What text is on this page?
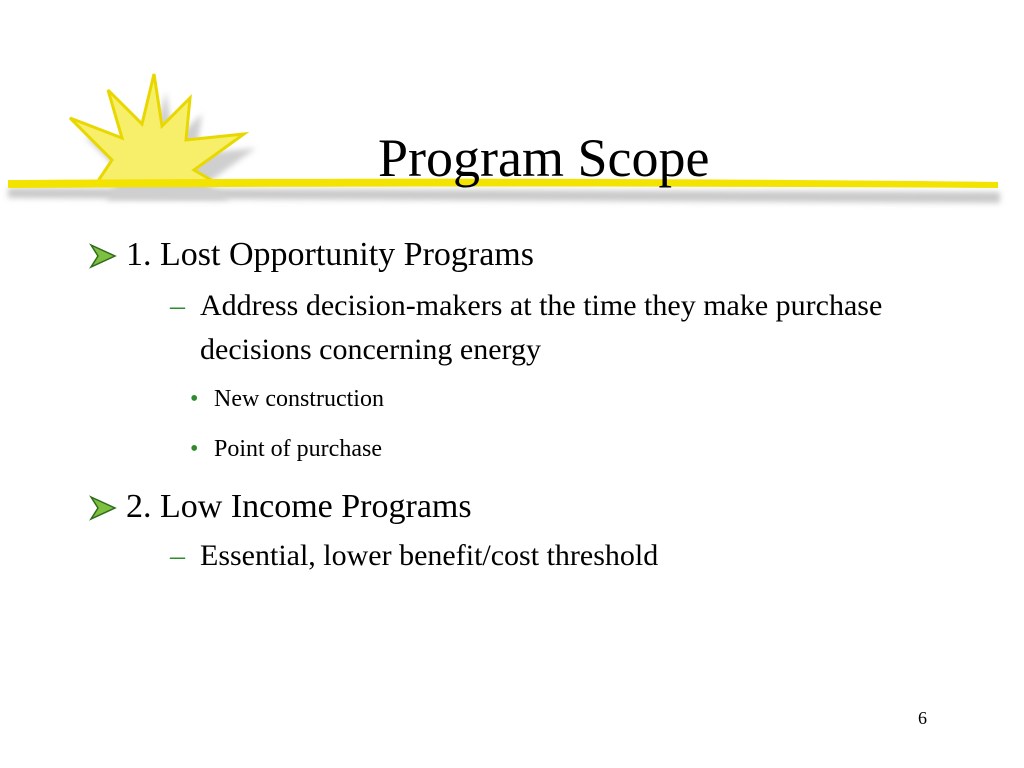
Program Scope
1. Lost Opportunity Programs
– Address decision-makers at the time they make purchase decisions concerning energy
• New construction
• Point of purchase
2. Low Income Programs
– Essential, lower benefit/cost threshold
6
